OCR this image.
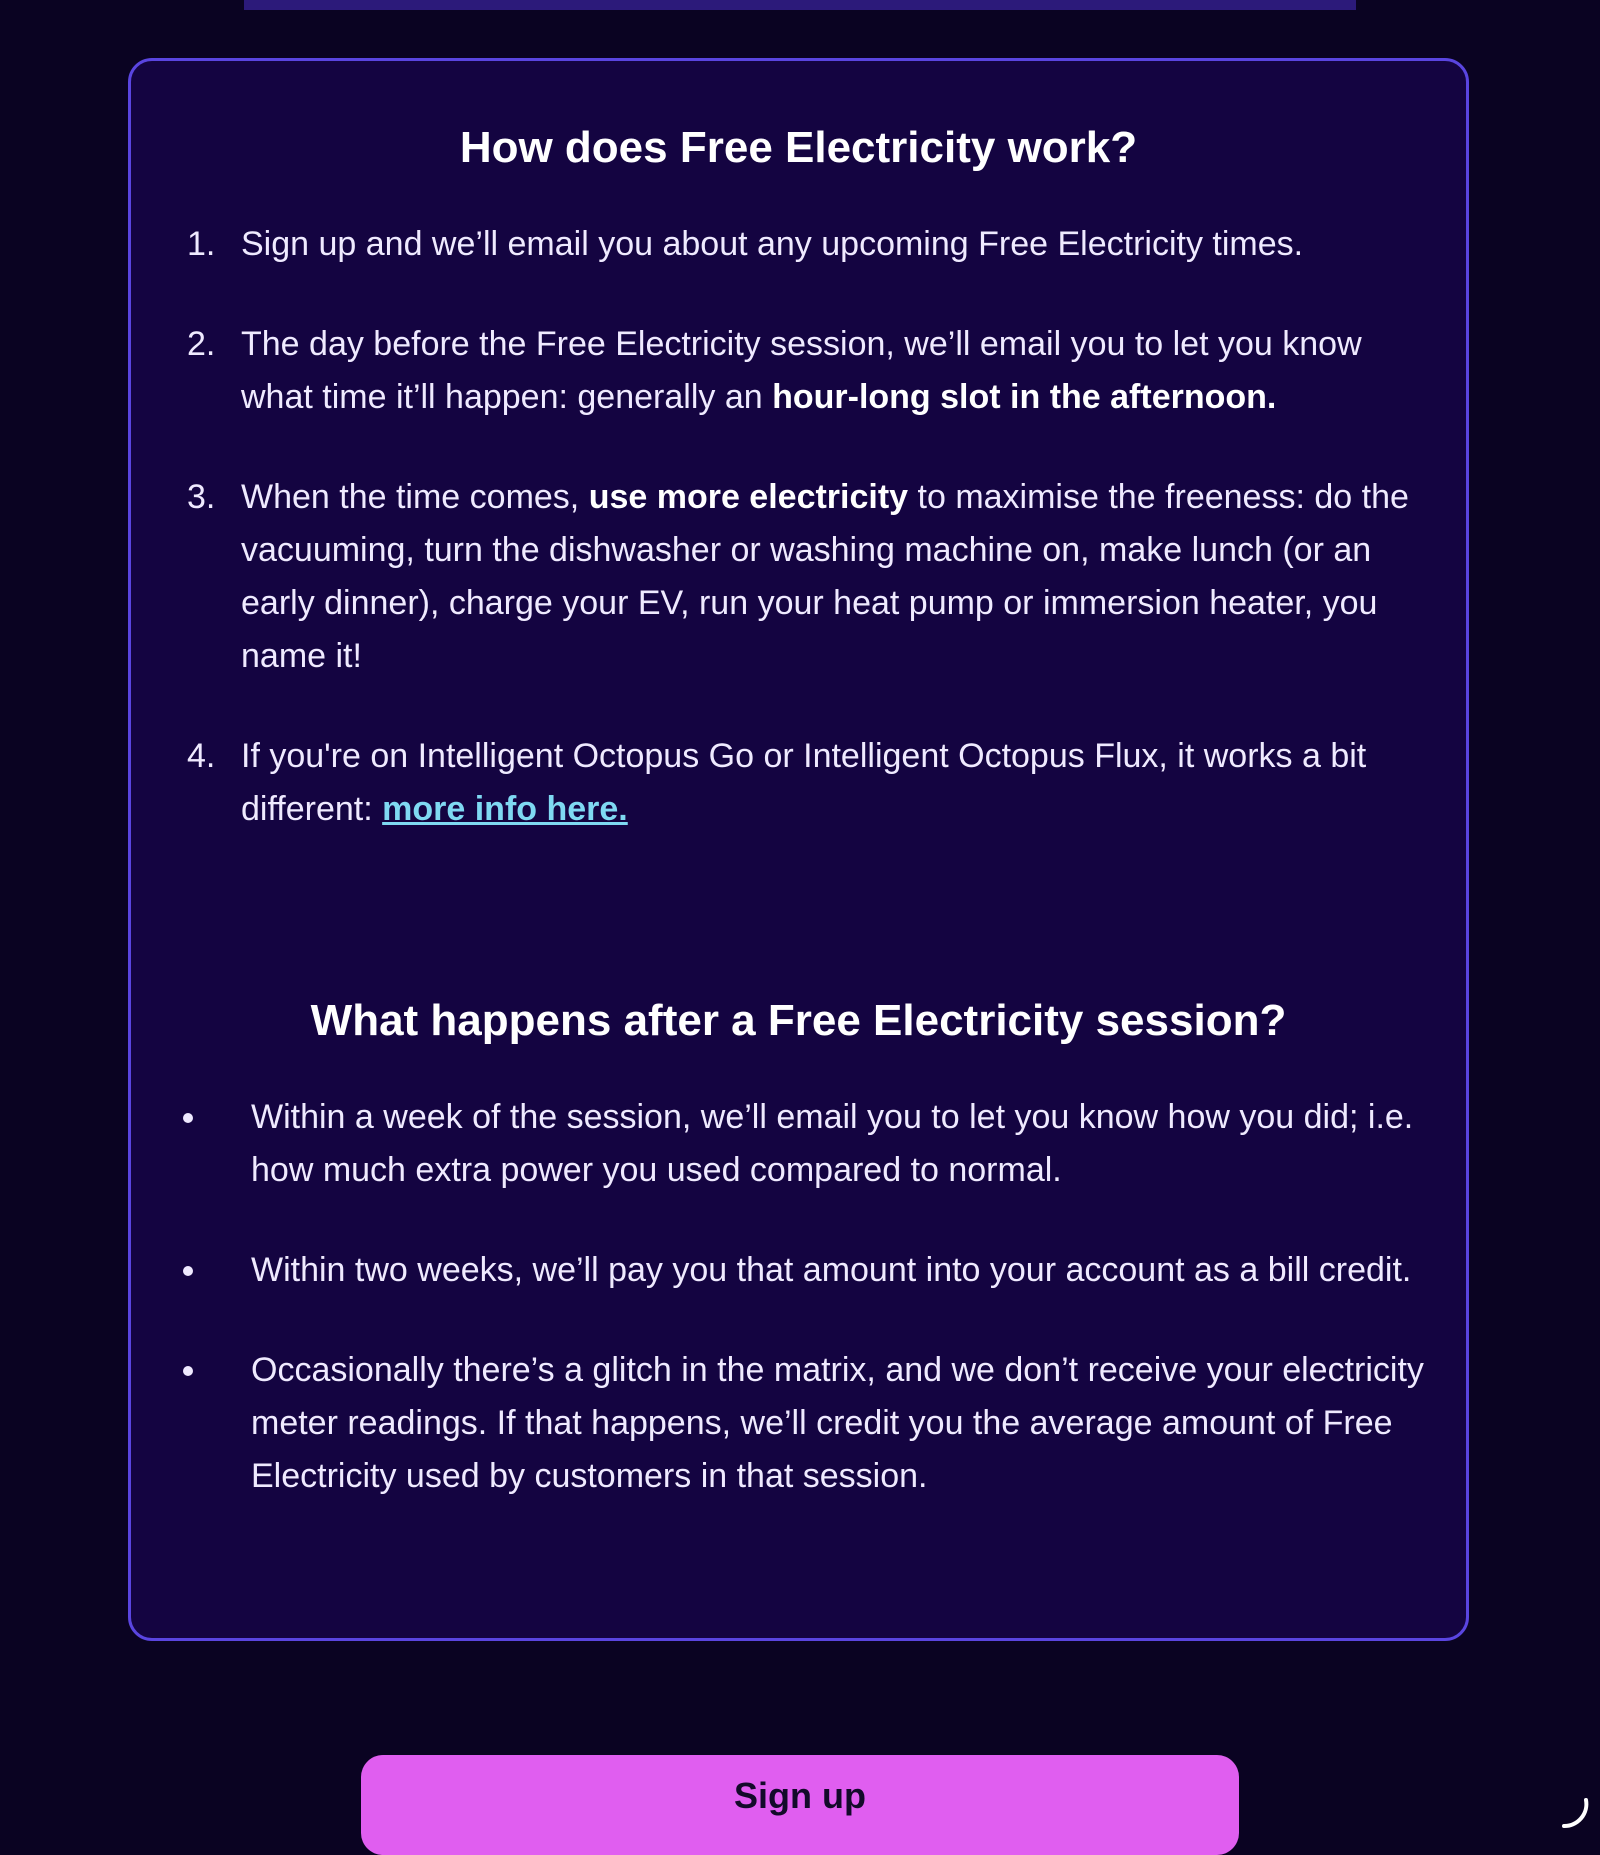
How does Free Electricity work?
1. Sign up and we’ll email you about any upcoming Free Electricity times.
2. The day before the Free Electricity session, we’ll email you to let you know what time it’ll happen: generally an hour-long slot in the afternoon.
3. When the time comes, use more electricity to maximise the freeness: do the vacuuming, turn the dishwasher or washing machine on, make lunch (or an early dinner), charge your EV, run your heat pump or immersion heater, you name it!
4. If you're on Intelligent Octopus Go or Intelligent Octopus Flux, it works a bit different: more info here.
What happens after a Free Electricity session?
Within a week of the session, we’ll email you to let you know how you did; i.e. how much extra power you used compared to normal.
Within two weeks, we’ll pay you that amount into your account as a bill credit.
Occasionally there’s a glitch in the matrix, and we don’t receive your electricity meter readings. If that happens, we’ll credit you the average amount of Free Electricity used by customers in that session.
Sign up
